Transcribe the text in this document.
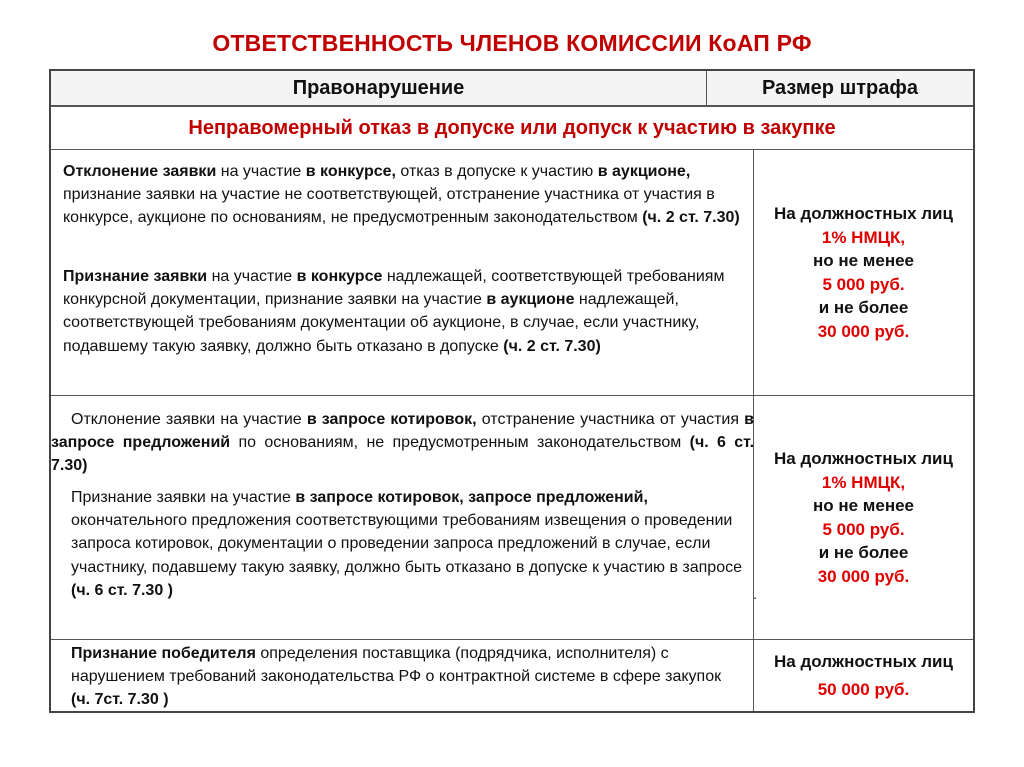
ОТВЕТСТВЕННОСТЬ ЧЛЕНОВ КОМИССИИ КоАП РФ
Правонарушение	Размер штрафа
Неправомерный отказ в допуске или допуск к участию в закупке

Отклонение заявки на участие в конкурсе, отказ в допуске к участию в аукционе, признание заявки на участие не соответствующей, отстранение участника от участия в конкурсе, аукционе по основаниям, не предусмотренным законодательством (ч. 2 ст. 7.30)

Признание заявки на участие в конкурсе надлежащей, соответствующей требованиям конкурсной документации, признание заявки на участие в аукционе надлежащей, соответствующей требованиям документации об аукционе, в случае, если участнику, подавшему такую заявку, должно быть отказано в допуске (ч. 2 ст. 7.30)

На должностных лиц
1% НМЦК,
но не менее
5 000 руб.
и не более
30 000 руб.

Отклонение заявки на участие в запросе котировок, отстранение участника от участия в запросе предложений по основаниям, не предусмотренным законодательством (ч. 6 ст. 7.30)

Признание заявки на участие в запросе котировок, запросе предложений, окончательного предложения соответствующими требованиям извещения о проведении запроса котировок, документации о проведении запроса предложений в случае, если участнику, подавшему такую заявку, должно быть отказано в допуске к участию в запросе (ч. 6 ст. 7.30 )

На должностных лиц
1% НМЦК,
но не менее
5 000 руб.
и не более
30 000 руб.
.

Признание победителя определения поставщика (подрядчика, исполнителя) с нарушением требований законодательства РФ о контрактной системе в сфере закупок (ч. 7ст. 7.30 )

На должностных лиц
50 000 руб.
